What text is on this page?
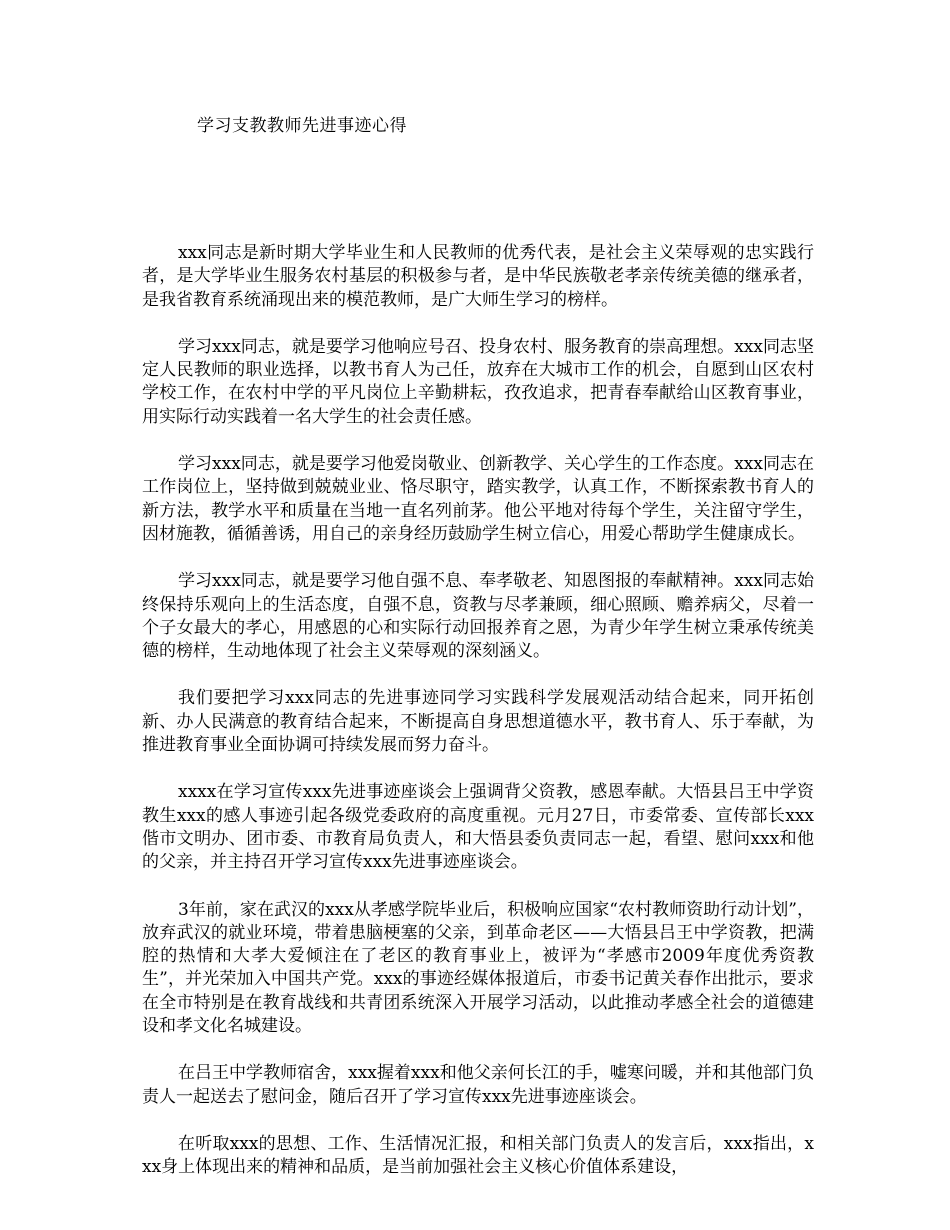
学习支教教师先进事迹心得

xxx同志是新时期大学毕业生和人民教师的优秀代表，是社会主义荣辱观的忠实践行者，是大学毕业生服务农村基层的积极参与者，是中华民族敬老孝亲传统美德的继承者，是我省教育系统涌现出来的模范教师，是广大师生学习的榜样。

学习xxx同志，就是要学习他响应号召、投身农村、服务教育的崇高理想。xxx同志坚定人民教师的职业选择，以教书育人为己任，放弃在大城市工作的机会，自愿到山区农村学校工作，在农村中学的平凡岗位上辛勤耕耘，孜孜追求，把青春奉献给山区教育事业，用实际行动实践着一名大学生的社会责任感。

学习xxx同志，就是要学习他爱岗敬业、创新教学、关心学生的工作态度。xxx同志在工作岗位上，坚持做到兢兢业业、恪尽职守，踏实教学，认真工作，不断探索教书育人的新方法，教学水平和质量在当地一直名列前茅。他公平地对待每个学生，关注留守学生，因材施教，循循善诱，用自己的亲身经历鼓励学生树立信心，用爱心帮助学生健康成长。

学习xxx同志，就是要学习他自强不息、奉孝敬老、知恩图报的奉献精神。xxx同志始终保持乐观向上的生活态度，自强不息，资教与尽孝兼顾，细心照顾、赡养病父，尽着一个子女最大的孝心，用感恩的心和实际行动回报养育之恩，为青少年学生树立秉承传统美德的榜样，生动地体现了社会主义荣辱观的深刻涵义。

我们要把学习xxx同志的先进事迹同学习实践科学发展观活动结合起来，同开拓创新、办人民满意的教育结合起来，不断提高自身思想道德水平，教书育人、乐于奉献，为推进教育事业全面协调可持续发展而努力奋斗。

xxxx在学习宣传xxx先进事迹座谈会上强调背父资教，感恩奉献。大悟县吕王中学资教生xxx的感人事迹引起各级党委政府的高度重视。元月27日，市委常委、宣传部长xxx偕市文明办、团市委、市教育局负责人，和大悟县委负责同志一起，看望、慰问xxx和他的父亲，并主持召开学习宣传xxx先进事迹座谈会。

3年前，家在武汉的xxx从孝感学院毕业后，积极响应国家“农村教师资助行动计划”，放弃武汉的就业环境，带着患脑梗塞的父亲，到革命老区——大悟县吕王中学资教，把满腔的热情和大孝大爱倾注在了老区的教育事业上，被评为“孝感市2009年度优秀资教生”，并光荣加入中国共产党。xxx的事迹经媒体报道后，市委书记黄关春作出批示，要求在全市特别是在教育战线和共青团系统深入开展学习活动，以此推动孝感全社会的道德建设和孝文化名城建设。

在吕王中学教师宿舍，xxx握着xxx和他父亲何长江的手，嘘寒问暖，并和其他部门负责人一起送去了慰问金，随后召开了学习宣传xxx先进事迹座谈会。

在听取xxx的思想、工作、生活情况汇报，和相关部门负责人的发言后，xxx指出，xxx身上体现出来的精神和品质，是当前加强社会主义核心价值体系建设，
